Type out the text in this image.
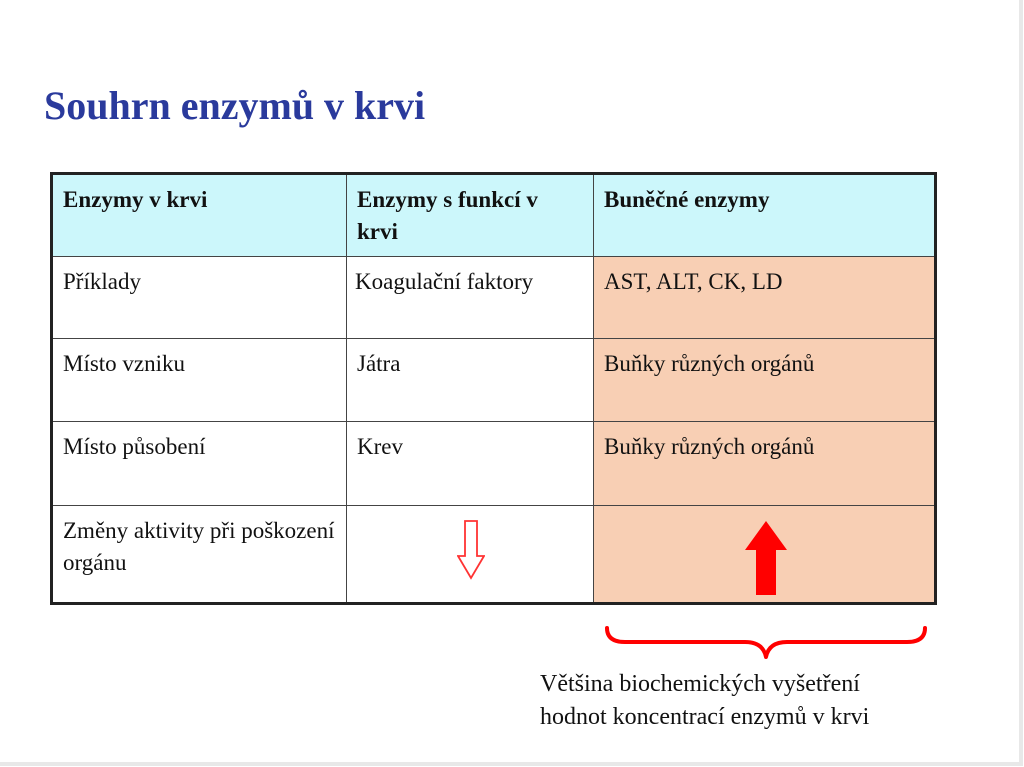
Souhrn enzymů v krvi
Enzymy v krvi	Enzymy s funkcí v krvi	Buněčné enzymy
Příklady	Koagulační faktory	AST, ALT, CK, LD
Místo vzniku	Játra	Buňky různých orgánů
Místo působení	Krev	Buňky různých orgánů
Změny aktivity při poškození orgánu	

Většina biochemických vyšetření
hodnot koncentrací enzymů v krvi
